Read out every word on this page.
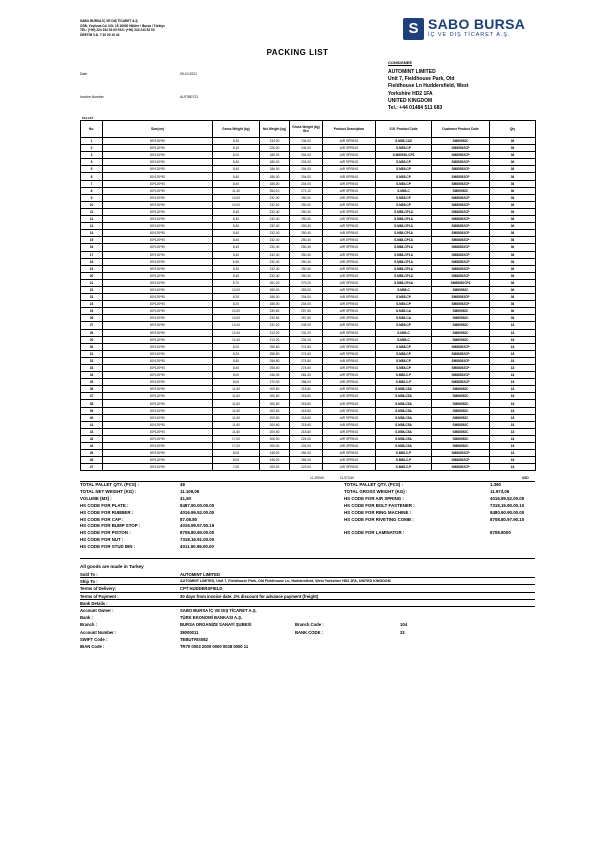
SABO BURSA İÇ VE DIŞ TİCARET A.Ş.
OSB, Yeşilova Cd. NO: 15 16000 Nilüfer / Bursa / Türkiye
TEL: (+90) 224 243 53 00 FAX: (+90) 224 243 52 00
ÜRETİM V.D. 7 30 00 19 43	S SABO BURSA
İÇ VE DIŞ TİCARET A.Ş.
PACKING LIST
Date	05.10.2021
Invoice Number	AUT050721
CONSIGNEE
AUTOMINT LIMITED
Unit 7, Fieldhouse Park, Old
Fieldhouse Ln Huddersfield, West
Yorkshire HD2 1FA
UNITED KINGDOM
Tel.: +44 01484 511 683
PALLET
No.	Size(cm)	Gross Weight (kg)	Net Weight (kg)	Gross Weight (kg) Bru	Product Description	S.B. Product Code	Customer Product Code	Qty
1	80*120*90	8,40	234,00	234,00	AIR SPRING	S.M85-CA5	SM85052C	36
2	80*120*90	8,10	226,00	244,00	AIR SPRING	S.M85-CP	SM85052CP	36
3	80*120*90	8,20	186,00	204,00	AIR SPRING	S.M85052-CP5	SM85052CP	36
4	80*120*90	8,40	186,00	204,00	AIR SPRING	S.M85-CP	SM85052CP	36
5	80*120*90	8,40	186,00	204,00	AIR SPRING	S.M85-CP	SM85052CP	36
6	80*120*90	8,40	186,00	204,00	AIR SPRING	S.M85-CP	SM85052CP	36
7	80*120*90	8,40	186,00	204,00	AIR SPRING	S.M85-CP	SM85052CP	36
8	80*120*90	11,40	254,10	272,10	AIR SPRING	S.M85-C	SM85052C	36
9	80*120*90	10,00	232,00	250,00	AIR SPRING	S.M85-CP	SM85052CP	36
10	80*120*90	10,00	232,00	250,00	AIR SPRING	S.M85-CP	SM85052CP	36
11	80*120*90	8,40	232,40	250,40	AIR SPRING	S.M88-CP1A	SM88052CP	36
12	80*120*90	8,40	232,40	250,40	AIR SPRING	S.M88-CP1A	SM88052CP	36
13	80*120*90	8,40	232,40	250,40	AIR SPRING	S.M88-CP1A	SM88052CP	36
14	80*120*90	8,40	232,40	250,40	AIR SPRING	S.M88-CP1A	SM88052CP	36
15	80*120*90	8,40	232,40	250,40	AIR SPRING	S.M88-CP1A	SM88052CP	36
16	80*120*90	8,40	232,40	250,40	AIR SPRING	S.M88-CP1A	SM88052CP	36
17	80*120*90	8,40	232,40	250,40	AIR SPRING	S.M88-CP1A	SM88052CP	36
18	80*120*90	8,40	232,40	250,40	AIR SPRING	S.M88-CP1A	SM88052CP	36
19	80*120*90	8,40	232,40	250,40	AIR SPRING	S.M88-CP1A	SM88052CP	36
20	80*120*90	8,40	232,40	250,40	AIR SPRING	S.M88-CP1A	SM88052CP	36
21	80*120*90	8,70	261,20	279,20	AIR SPRING	S.M88-CP4A	SM88052CP4	36
22	80*120*90	12,00	265,00	283,00	AIR SPRING	S.M85-C	SM85052C	36
23	80*120*90	8,20	186,00	204,00	AIR SPRING	S.M85-CP	SM85052CP	36
24	80*120*90	8,20	186,00	204,00	AIR SPRING	S.M85-CP	SM85052CP	36
25	80*120*90	10,00	239,60	257,60	AIR SPRING	S.M85-CA	SM85052C	36
26	80*120*90	10,00	239,60	257,60	AIR SPRING	S.M85-CA	SM85052C	36
27	80*120*90	13,40	231,20	249,20	AIR SPRING	S.M85-CP	SM85052C	18
28	80*120*90	12,40	213,20	231,20	AIR SPRING	S.M85-C	SM85052C	18
29	80*120*90	12,40	213,20	231,20	AIR SPRING	S.M85-C	SM85052C	18
30	80*120*90	8,20	256,60	274,60	AIR SPRING	S.M88-CP	SM88052CP	18
31	80*120*90	8,20	256,60	274,60	AIR SPRING	S.M88-CP	SM88052CP	18
32	80*120*90	8,40	256,80	274,80	AIR SPRING	S.M88-CP	SM88052CP	18
33	80*120*90	8,40	256,60	274,60	AIR SPRING	S.M88-CP	SM88052CP	18
34	80*120*90	8,00	246,40	264,40	AIR SPRING	S.M88-C.P	SM88052CP	18
35	80*120*90	8,00	270,00	288,00	AIR SPRING	S.M88-C.P	SM88052CP	18
36	80*120*90	11,60	200,60	218,60	AIR SPRING	S.M88-C5A	SM88052C	18
37	80*120*90	11,60	200,60	218,60	AIR SPRING	S.M88-C5A	SM88052C	18
38	80*120*90	11,60	200,60	218,60	AIR SPRING	S.M88-C5A	SM88052C	18
39	80*120*90	11,60	200,60	218,60	AIR SPRING	S.M88-C5A	SM88052C	18
40	80*120*90	11,60	200,60	218,60	AIR SPRING	S.M88-C5A	SM88052C	18
41	80*120*90	11,60	200,60	218,60	AIR SPRING	S.M88-C5A	SM88052C	18
42	80*120*90	11,60	200,60	218,60	AIR SPRING	S.M88-C5A	SM88052C	18
43	80*120*90	17,00	206,00	224,00	AIR SPRING	S.M88-C5A	SM88052C	18
44	80*120*90	17,00	206,00	224,00	AIR SPRING	S.M88-C5A	SM88052C	18
45	80*120*90	8,00	246,00	264,00	AIR SPRING	S.M88-C.P	SM88052CP	18
46	80*120*90	8,00	246,00	264,00	AIR SPRING	S.M88-C.P	SM88052CP	18
47	80*120*90	7,00	205,00	223,00	AIR SPRING	S.M88-C.P	SM88052CP	18
11.299,60	11.973,60	USD
TOTAL PALLET QTY. (PCS) :	48
TOTAL NET WEIGHT (KG) :	11.109,06
VOLUME (M3) :	41,50
HS CODE FOR PLATE :	8487.90.00.00.00
HS CODE FOR RUBBER :	4016.99.52.00.00
HS CODE FOR CAP :	87.08.80
HS CODE FOR BUMP STOP :	4016.99.57.90.19
HS CODE FOR PISTON :	8708.80.90.00.00
HS CODE FOR NUT :	7318.16.91.00.00
HS CODE FOR STUD BIN :	4011.90.99.00.00
TOTAL PALLET QTY. (PCS) :	1.360
TOTAL GROSS WEIGHT (KG) :	11.973,06
HS CODE FOR AIR SPRING :	4016.99.52.00.00
HS CODE FOR BOLT FASTENER :	7318.15.90.00.10
HS CODE FOR RING MACHINE :	8480.90.90.00.00
HS CODE FOR RIVETING COMB :	8708.80.97.90.10
HS CODE FOR LAMINATOR :	8708.8000
All goods are made in Turkey
Sold To :	AUTOMINT LIMITED
Ship To :	AUTOMINT LIMITED, Unit 7, Fieldhouse Park, Old Fieldhouse Ln, Huddersfield, West Yorkshire HD2 1FA, UNITED KINGDOM
Terms of Delivery:	CPT HUDDERSFIELD
Terms of Payment :	30 days from invoice date. 2% discount for advance payment (freight)
Bank Details :
Account Owner :	SABO BURSA İÇ VE DIŞ TİCARET A.Ş.
Bank :	TÜRK EKONOMİ BANKASI A.Ş.
Branch :	BURSA ORGANİZE SANAYİ ŞUBESİ	Branch Code :	104
Account Number :	38000011	BANK CODE :	32
SWIFT Code :	TEBUTRIS082
IBAN Code :	TR70 0003 2000 0000 0038 0000 11
